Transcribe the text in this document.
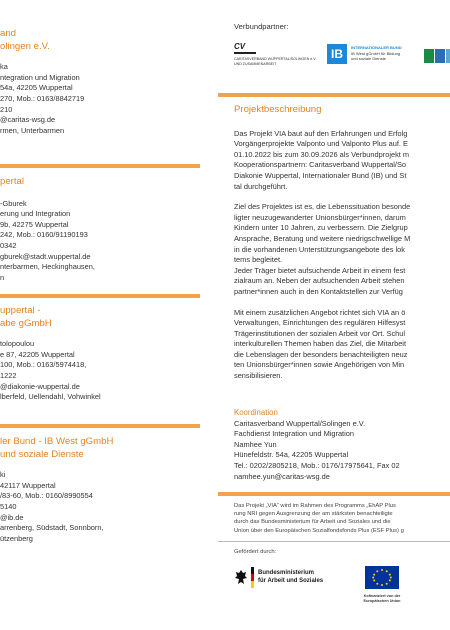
and
olingen e.V.
ka
ntegration und Migration
54a, 42205 Wuppertal
270, Mob.: 0163/8842719
210
@caritas-wsg.de
rmen, Unterbarmen
pertal
-Gburek
erung und Integration
9b, 42275 Wuppertal
242, Mob.: 0160/91190193
0342
gburek@stadt.wuppertal.de
nterbarmen, Heckinghausen,
n
uppertal -
abe gGmbH
tolopoulou
e 87, 42205 Wuppertal
100, Mob.: 0163/5974418,
1222
@diakonie-wuppertal.de
lberfeld, Uellendahl, Vohwinkel
ler Bund - IB West gGmbH
und soziale Dienste
ki
42117 Wuppertal
/83-60, Mob.: 0160/8990554
5140
@ib.de
arrenberg, Südstadt, Sonnborn,
ützenberg
Verbundpartner:
CV
CARITASVERBAND WUPPERTAL/SOLINGEN e.V.
UND ZUSAMMENARBEIT
IB	INTERNATIONALER BUND
IB West gGmbH für Bildung
und soziale Dienste
Projektbeschreibung
Das Projekt VIA baut auf den Erfahrungen und Erfolg
Vorgängerprojekte Valponto und Valponto Plus auf. E
01.10.2022 bis zum 30.09.2026 als Verbundprojekt m
Kooperationspartnern: Caritasverband Wuppertal/So
Diakonie Wuppertal, Internationaler Bund (IB) und St
tal durchgeführt.
Ziel des Projektes ist es, die Lebenssituation besonde
ligter neuzugewanderter Unionsbürger*innen, darum
Kindern unter 10 Jahren, zu verbessern. Die Zielgrup
Ansprache, Beratung und weitere niedrigschwellige M
in die vorhandenen Unterstützungsangebote des lok
tems begleitet.
Jeder Träger bietet aufsuchende Arbeit in einem fest
zialraum an. Neben der aufsuchenden Arbeit stehen
partner*innen auch in den Kontaktstellen zur Verfüg
Mit einem zusätzlichen Angebot richtet sich VIA an ö
Verwaltungen, Einrichtungen des regulären Hilfesyst
Trägerinstitutionen der sozialen Arbeit vor Ort. Schul
interkulturellen Themen haben das Ziel, die Mitarbeit
die Lebenslagen der besonders benachteiligten neuz
ten Unionsbürger*innen sowie Angehörigen von Min
sensibilisieren.
Koordination
Caritasverband Wuppertal/Solingen e.V.
Fachdienst Integration und Migration
Namhee Yun
Hünefeldstr. 54a, 42205 Wuppertal
Tel.: 0202/2805218, Mob.: 0176/17975641, Fax 02
namhee.yun@caritas-wsg.de
Das Projekt „VIA“ wird im Rahmen des Programms „EhAP Plus
rung NRI gegen Ausgrenzung der am stärksten benachteiligte
durch das Bundesministerium für Arbeit und Soziales und die
Union über den Europäischen Sozialfondsfonds Plus (ESF Plus) g
Gefördert durch:
Bundesministerium
für Arbeit und Soziales
Kofinanziert von der
Europäischen Union
